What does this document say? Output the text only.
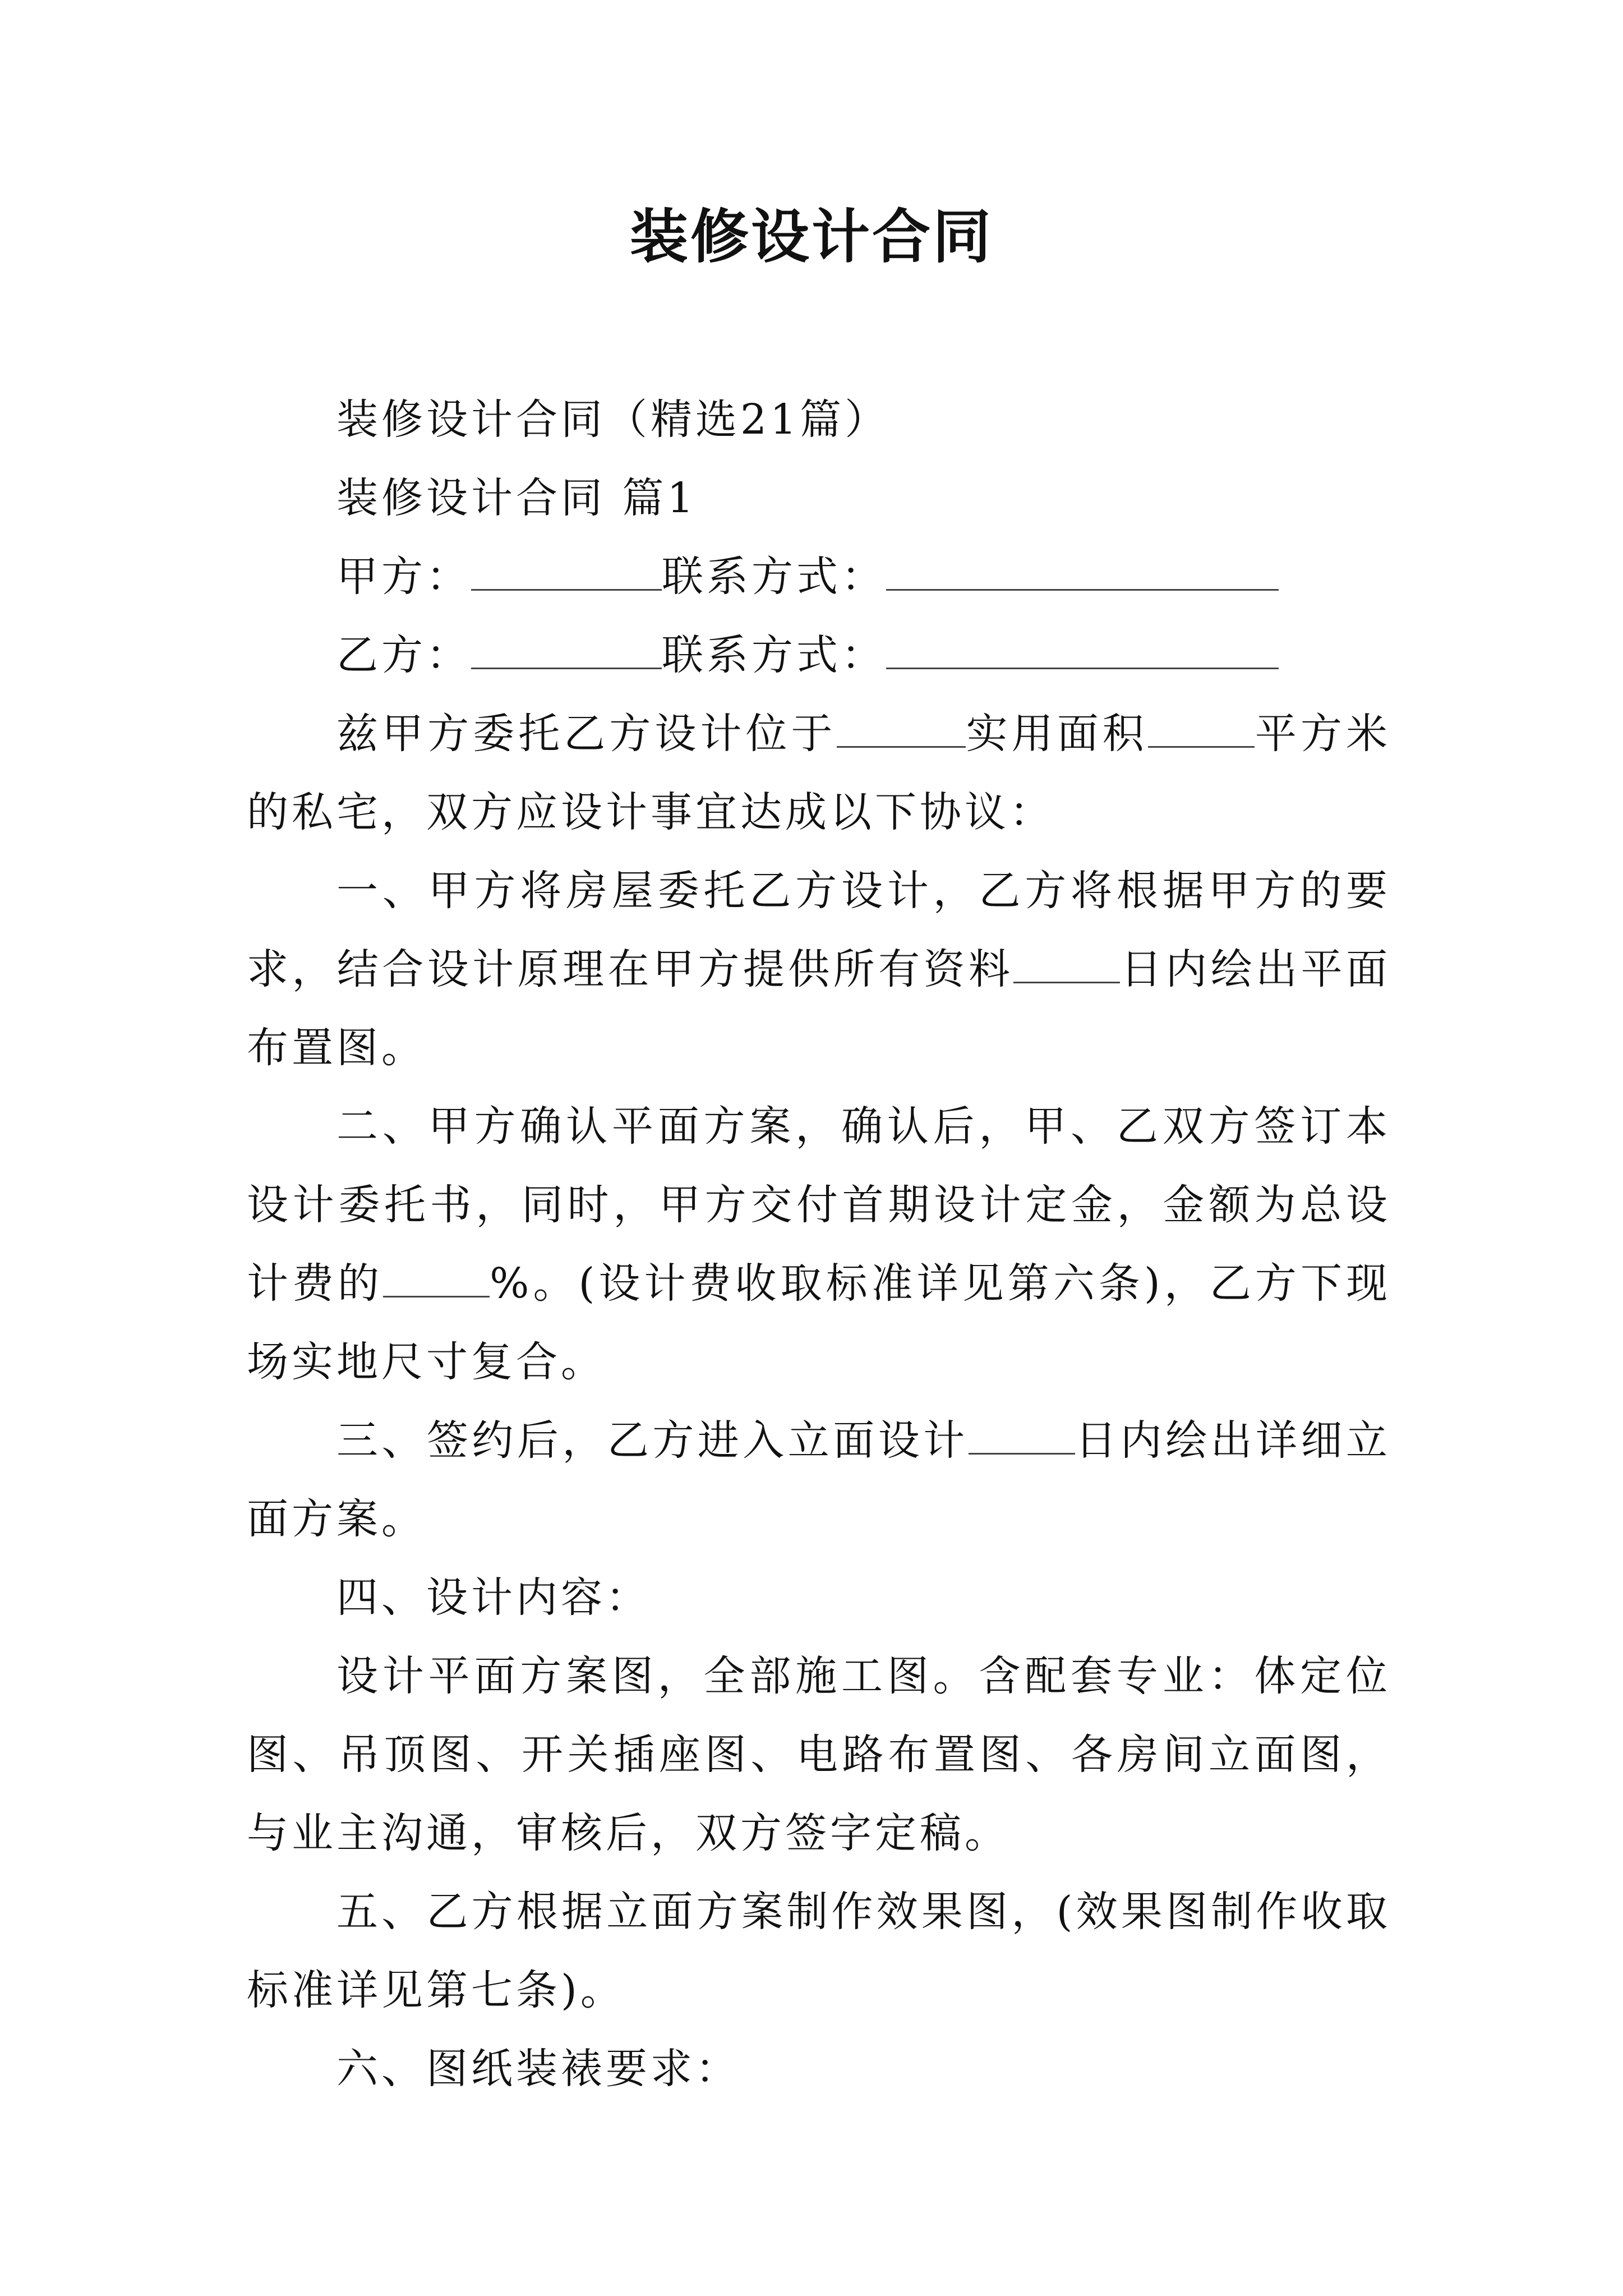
装修设计合同

装修设计合同（精选21篇）

装修设计合同 篇1

甲方：	联系方式：

乙方：	联系方式：

兹甲方委托乙方设计位于	实用面积	平方米的私宅，双方应设计事宜达成以下协议：

一、甲方将房屋委托乙方设计，乙方将根据甲方的要求，结合设计原理在甲方提供所有资料	日内绘出平面布置图。

二、甲方确认平面方案，确认后，甲、乙双方签订本设计委托书，同时，甲方交付首期设计定金，金额为总设计费的	%。(设计费收取标准详见第六条)，乙方下现场实地尺寸复合。

三、签约后，乙方进入立面设计	日内绘出详细立面方案。

四、设计内容：

设计平面方案图，全部施工图。含配套专业：体定位图、吊顶图、开关插座图、电路布置图、各房间立面图，与业主沟通，审核后，双方签字定稿。

五、乙方根据立面方案制作效果图，(效果图制作收取标准详见第七条)。

六、图纸装裱要求：
